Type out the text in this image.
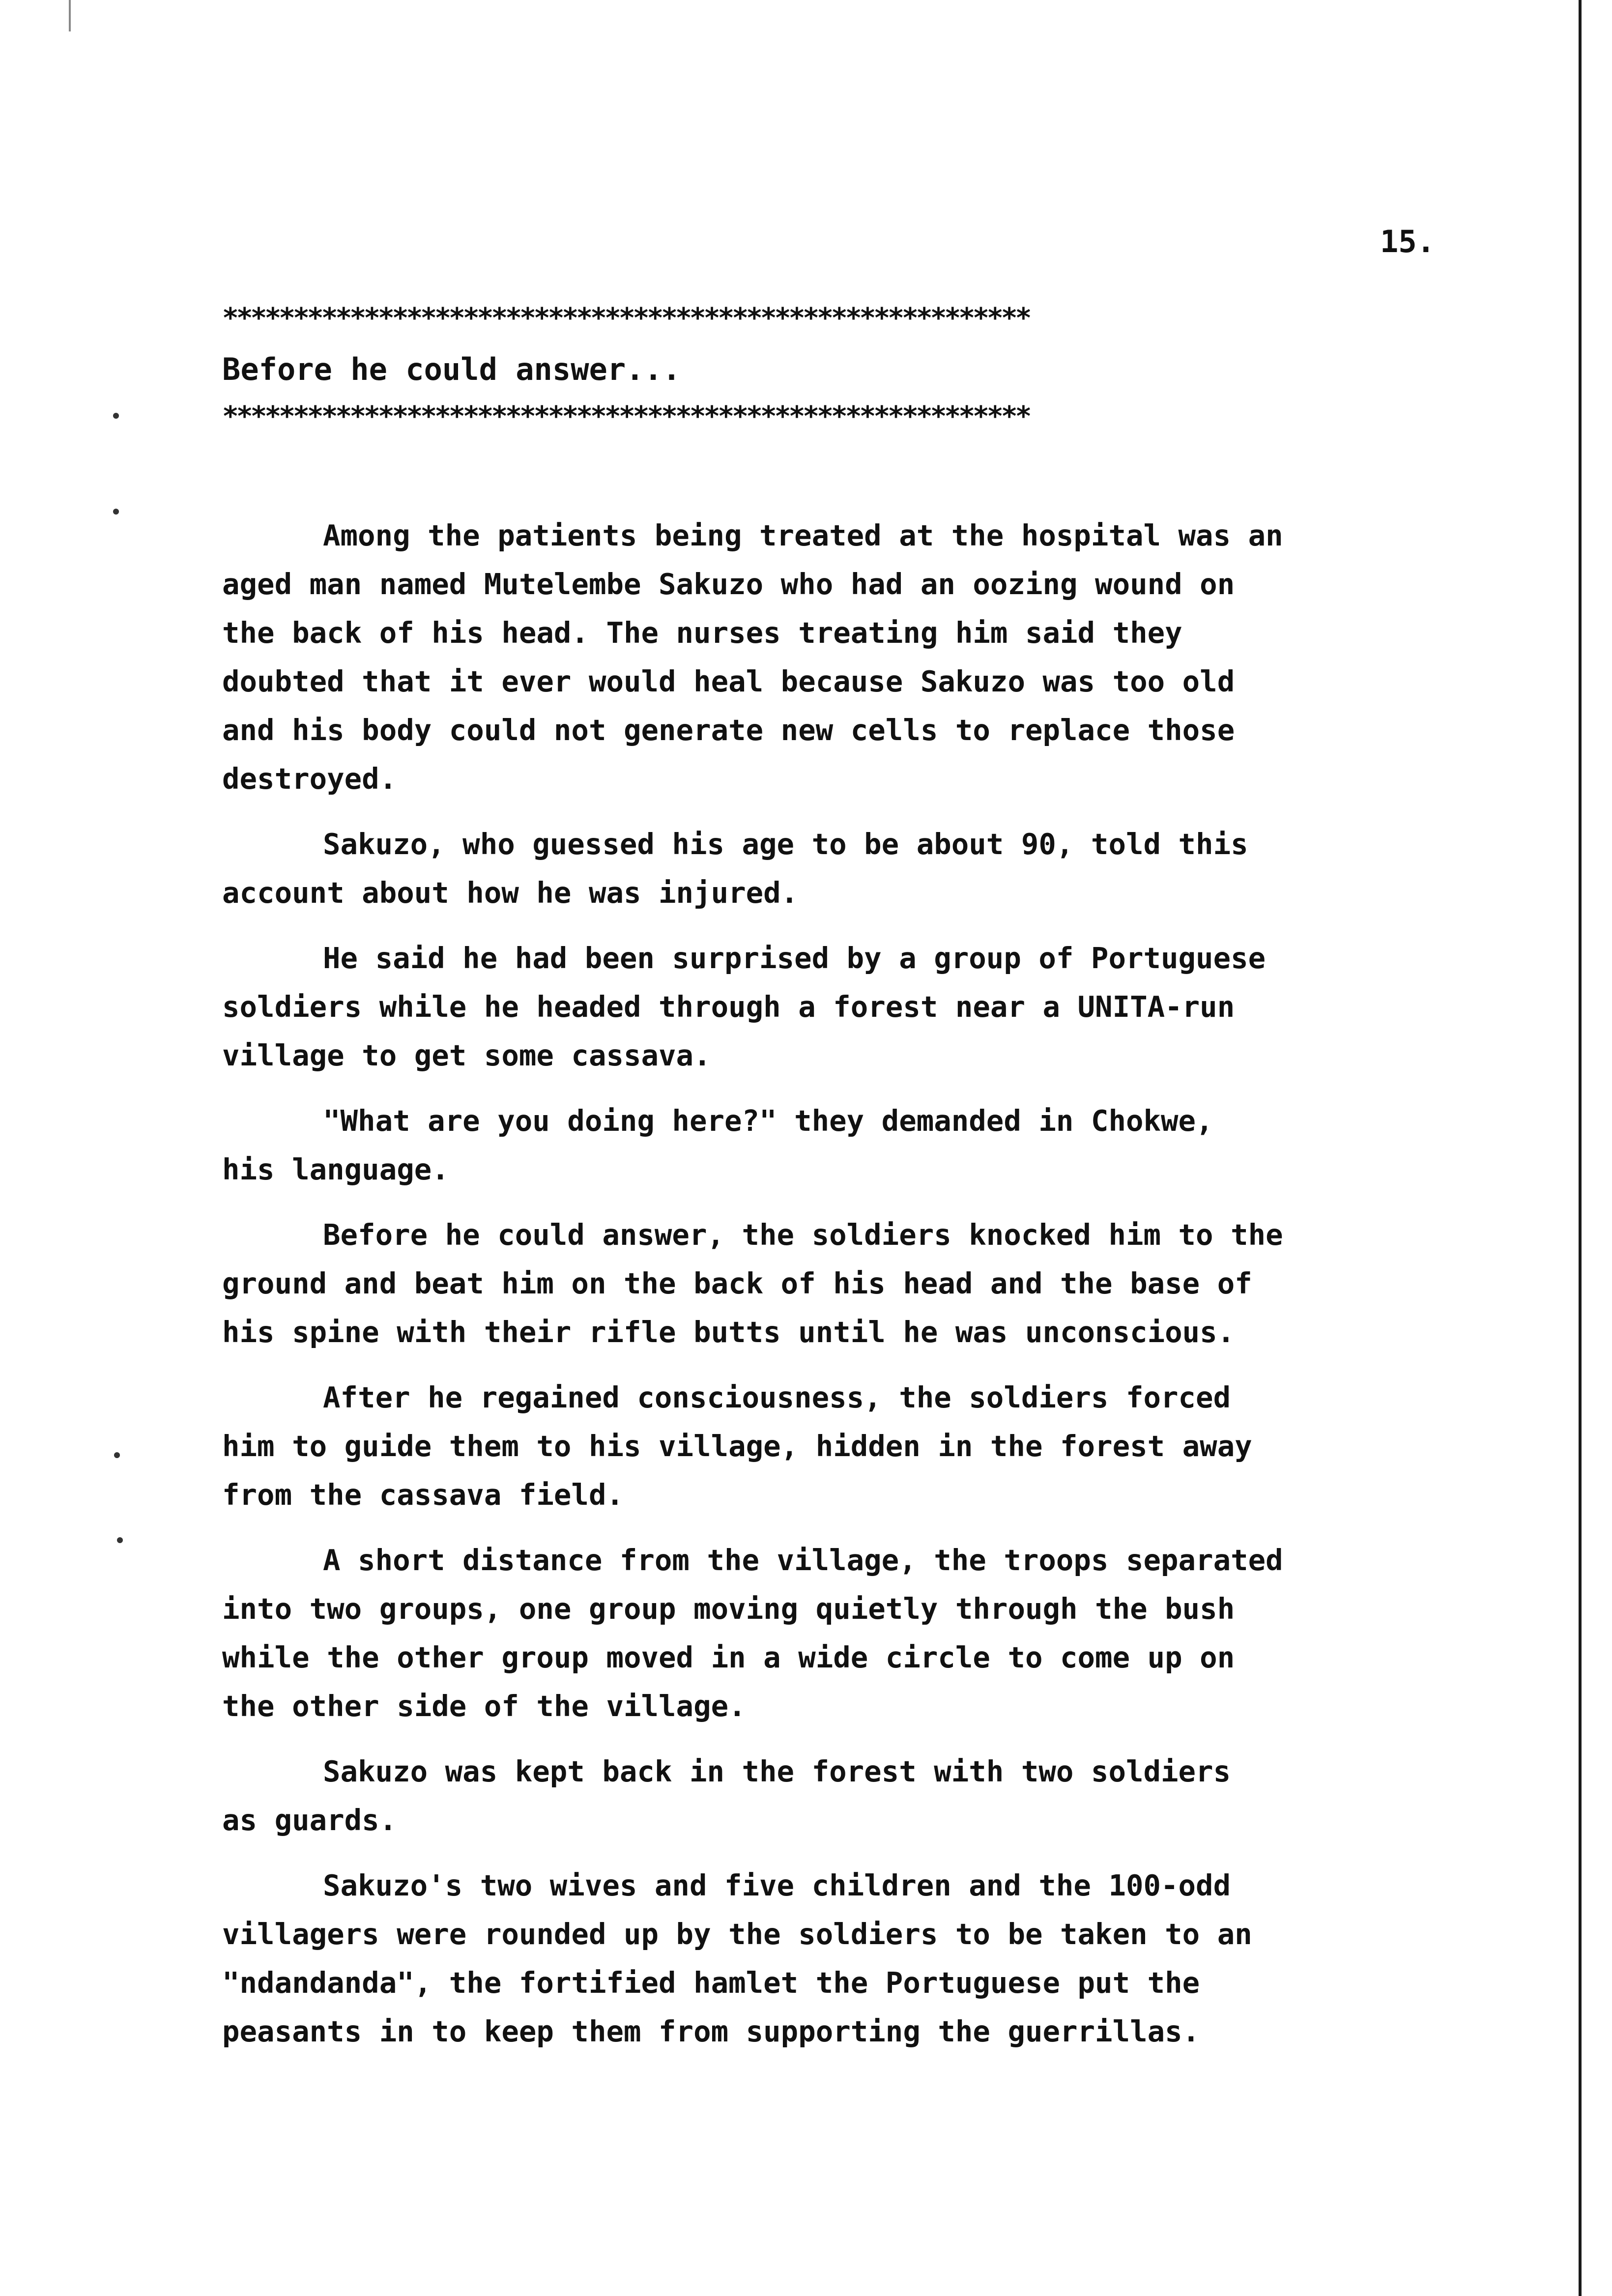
15.
*********************************************************
Before he could answer...
*********************************************************

Among the patients being treated at the hospital was an
aged man named Mutelembe Sakuzo who had an oozing wound on
the back of his head. The nurses treating him said they
doubted that it ever would heal because Sakuzo was too old
and his body could not generate new cells to replace those
destroyed.

Sakuzo, who guessed his age to be about 90, told this
account about how he was injured.

He said he had been surprised by a group of Portuguese
soldiers while he headed through a forest near a UNITA-run
village to get some cassava.

"What are you doing here?" they demanded in Chokwe,
his language.

Before he could answer, the soldiers knocked him to the
ground and beat him on the back of his head and the base of
his spine with their rifle butts until he was unconscious.

After he regained consciousness, the soldiers forced
him to guide them to his village, hidden in the forest away
from the cassava field.

A short distance from the village, the troops separated
into two groups, one group moving quietly through the bush
while the other group moved in a wide circle to come up on
the other side of the village.

Sakuzo was kept back in the forest with two soldiers
as guards.

Sakuzo's two wives and five children and the 100-odd
villagers were rounded up by the soldiers to be taken to an
"ndandanda", the fortified hamlet the Portuguese put the
peasants in to keep them from supporting the guerrillas.
